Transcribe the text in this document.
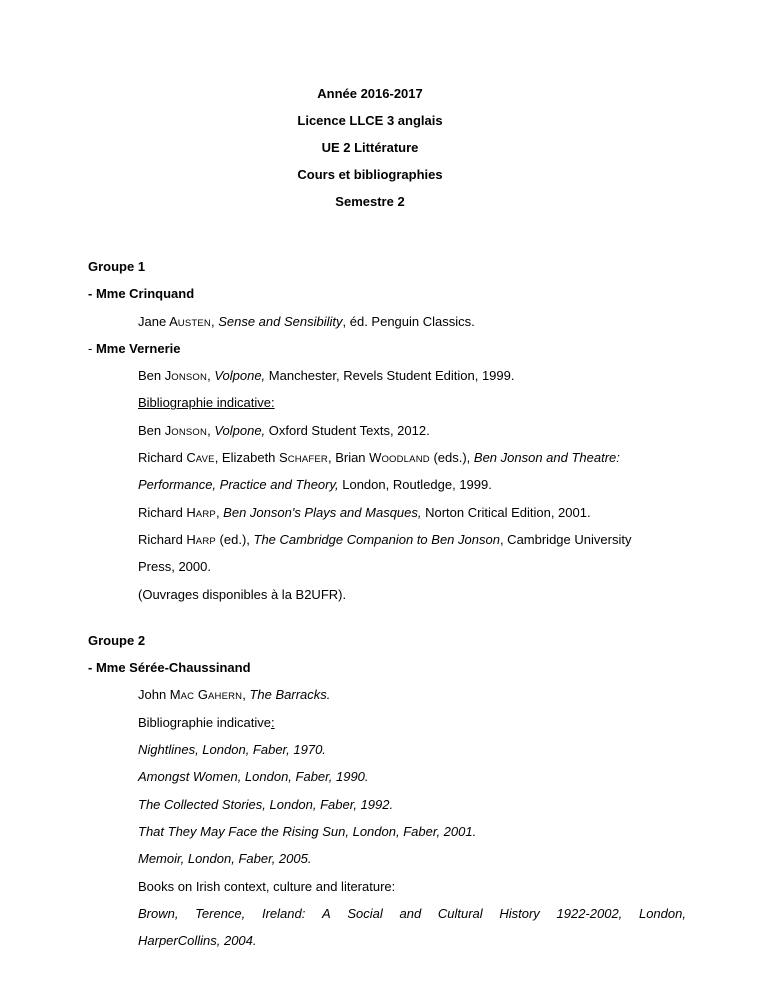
Année 2016-2017
Licence LLCE 3 anglais
UE 2 Littérature
Cours et bibliographies
Semestre 2
Groupe 1
- Mme Crinquand
Jane AUSTEN, Sense and Sensibility, éd. Penguin Classics.
- Mme Vernerie
Ben JONSON, Volpone, Manchester, Revels Student Edition, 1999.
Bibliographie indicative:
Ben JONSON, Volpone, Oxford Student Texts, 2012.
Richard CAVE, Elizabeth SCHAFER, Brian WOODLAND (eds.), Ben Jonson and Theatre:
Performance, Practice and Theory, London, Routledge, 1999.
Richard HARP, Ben Jonson's Plays and Masques, Norton Critical Edition, 2001.
Richard HARP (ed.), The Cambridge Companion to Ben Jonson, Cambridge University
Press, 2000.
(Ouvrages disponibles à la B2UFR).
Groupe 2
- Mme Sérée-Chaussinand
John MAC GAHERN, The Barracks.
Bibliographie indicative:
Nightlines, London, Faber, 1970.
Amongst Women, London, Faber, 1990.
The Collected Stories, London, Faber, 1992.
That They May Face the Rising Sun, London, Faber, 2001.
Memoir, London, Faber, 2005.
Books on Irish context, culture and literature:
Brown, Terence, Ireland: A Social and Cultural History 1922-2002, London,
HarperCollins, 2004.
